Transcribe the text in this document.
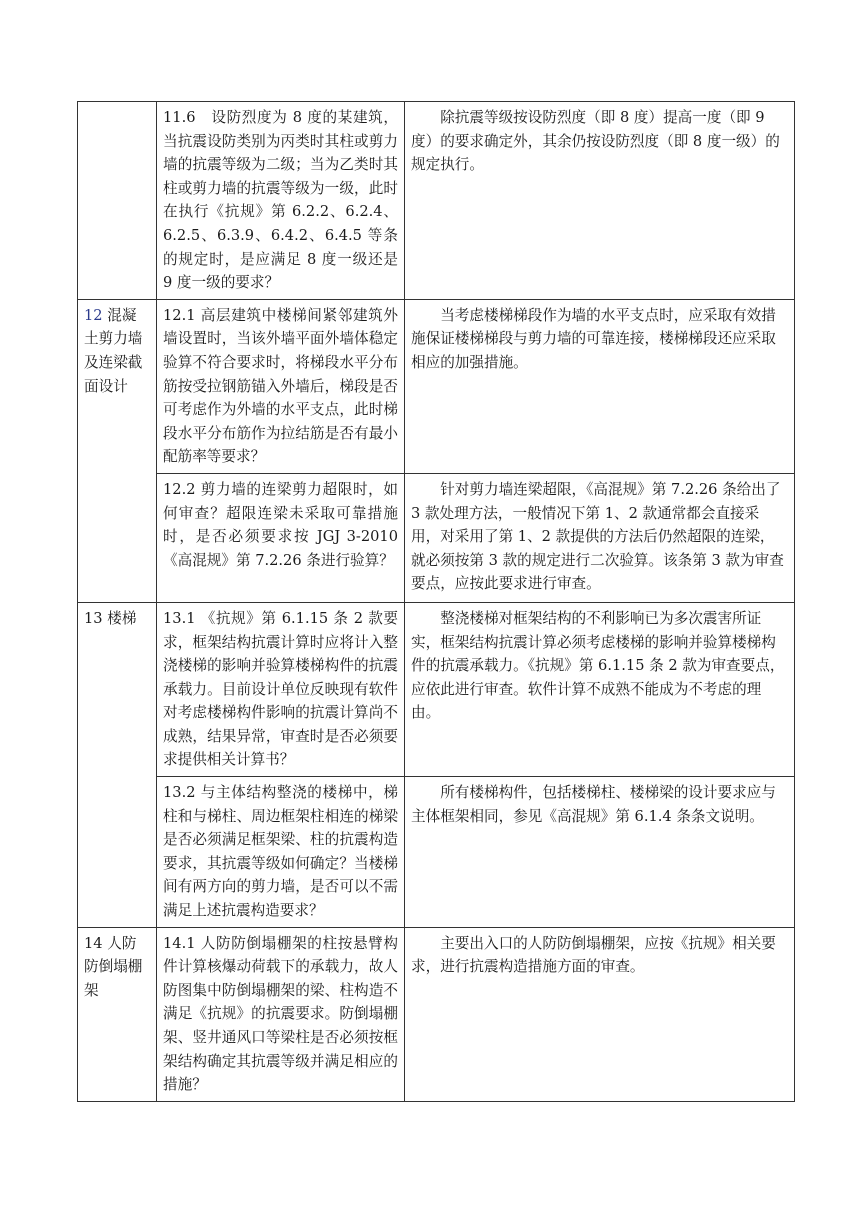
	11.6　设防烈度为 8 度的某建筑，当抗震设防类别为丙类时其柱或剪力墙的抗震等级为二级；当为乙类时其柱或剪力墙的抗震等级为一级，此时在执行《抗规》第 6.2.2、6.2.4、6.2.5、6.3.9、6.4.2、6.4.5 等条的规定时，是应满足 8 度一级还是 9 度一级的要求？	除抗震等级按设防烈度（即 8 度）提高一度（即 9 度）的要求确定外，其余仍按设防烈度（即 8 度一级）的规定执行。
12 混凝土剪力墙及连梁截面设计	12.1 高层建筑中楼梯间紧邻建筑外墙设置时，当该外墙平面外墙体稳定验算不符合要求时，将梯段水平分布筋按受拉钢筋锚入外墙后，梯段是否可考虑作为外墙的水平支点，此时梯段水平分布筋作为拉结筋是否有最小配筋率等要求？	当考虑楼梯梯段作为墙的水平支点时，应采取有效措施保证楼梯梯段与剪力墙的可靠连接，楼梯梯段还应采取相应的加强措施。
	12.2 剪力墙的连梁剪力超限时，如何审查？超限连梁未采取可靠措施时，是否必须要求按 JGJ 3-2010《高混规》第 7.2.26 条进行验算？	针对剪力墙连梁超限，《高混规》第 7.2.26 条给出了 3 款处理方法，一般情况下第 1、2 款通常都会直接采用，对采用了第 1、2 款提供的方法后仍然超限的连梁，就必须按第 3 款的规定进行二次验算。该条第 3 款为审查要点，应按此要求进行审查。
13 楼梯	13.1 《抗规》第 6.1.15 条 2 款要求，框架结构抗震计算时应将计入整浇楼梯的影响并验算楼梯构件的抗震承载力。目前设计单位反映现有软件对考虑楼梯构件影响的抗震计算尚不成熟，结果异常，审查时是否必须要求提供相关计算书？	整浇楼梯对框架结构的不利影响已为多次震害所证实，框架结构抗震计算必须考虑楼梯的影响并验算楼梯构件的抗震承载力。《抗规》第 6.1.15 条 2 款为审查要点，应依此进行审查。软件计算不成熟不能成为不考虑的理由。
	13.2 与主体结构整浇的楼梯中，梯柱和与梯柱、周边框架柱相连的梯梁是否必须满足框架梁、柱的抗震构造要求，其抗震等级如何确定？当楼梯间有两方向的剪力墙，是否可以不需满足上述抗震构造要求？	所有楼梯构件，包括楼梯柱、楼梯梁的设计要求应与主体框架相同，参见《高混规》第 6.1.4 条条文说明。
14 人防防倒塌棚架	14.1 人防防倒塌棚架的柱按悬臂构件计算核爆动荷载下的承载力，故人防图集中防倒塌棚架的梁、柱构造不满足《抗规》的抗震要求。防倒塌棚架、竖井通风口等梁柱是否必须按框架结构确定其抗震等级并满足相应的措施？	主要出入口的人防防倒塌棚架，应按《抗规》相关要求，进行抗震构造措施方面的审查。
